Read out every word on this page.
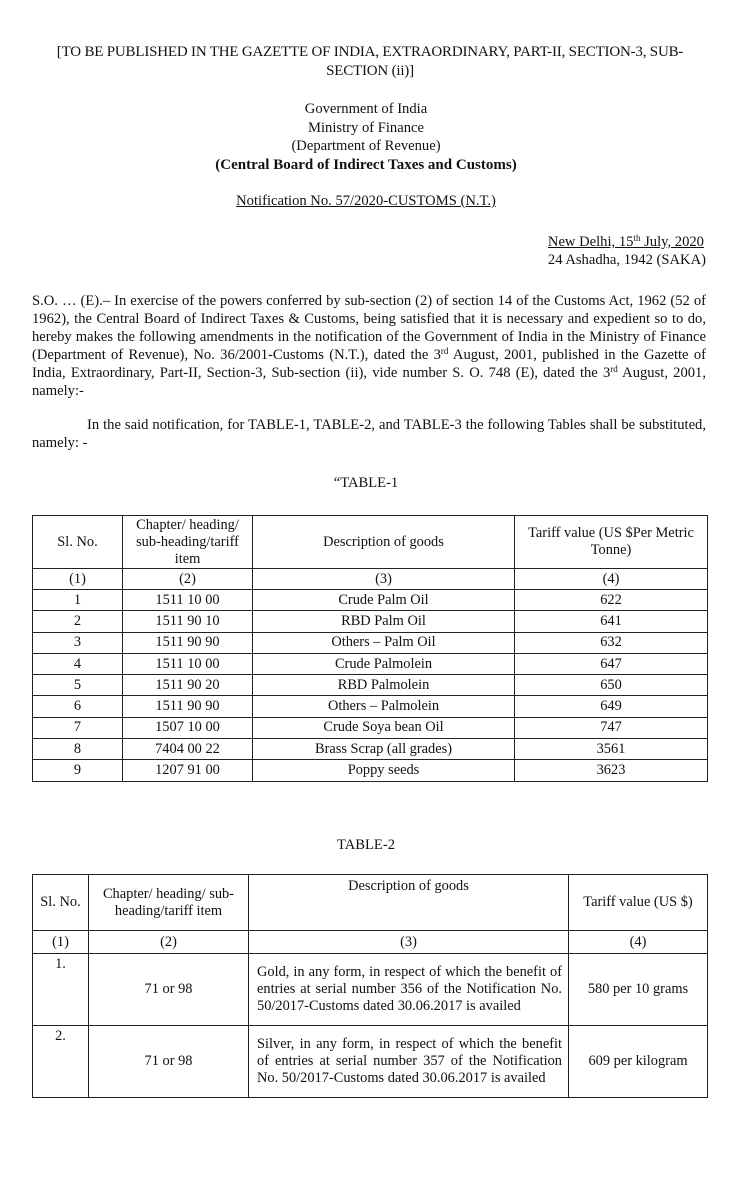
[TO BE PUBLISHED IN THE GAZETTE OF INDIA, EXTRAORDINARY, PART-II, SECTION-3, SUB-SECTION (ii)]
Government of India
Ministry of Finance
(Department of Revenue)
(Central Board of Indirect Taxes and Customs)
Notification No. 57/2020-CUSTOMS (N.T.)
New Delhi, 15th July, 2020
24 Ashadha, 1942 (SAKA)
S.O. … (E).– In exercise of the powers conferred by sub-section (2) of section 14 of the Customs Act, 1962 (52 of 1962), the Central Board of Indirect Taxes & Customs, being satisfied that it is necessary and expedient so to do, hereby makes the following amendments in the notification of the Government of India in the Ministry of Finance (Department of Revenue), No. 36/2001-Customs (N.T.), dated the 3rd August, 2001, published in the Gazette of India, Extraordinary, Part-II, Section-3, Sub-section (ii), vide number S. O. 748 (E), dated the 3rd August, 2001, namely:-
In the said notification, for TABLE-1, TABLE-2, and TABLE-3 the following Tables shall be substituted, namely: -
“TABLE-1
Sl. No.	Chapter/ heading/ sub-heading/tariff item	Description of goods	Tariff value (US $Per Metric Tonne)
(1)	(2)	(3)	(4)
1	1511 10 00	Crude Palm Oil	622
2	1511 90 10	RBD Palm Oil	641
3	1511 90 90	Others – Palm Oil	632
4	1511 10 00	Crude Palmolein	647
5	1511 90 20	RBD Palmolein	650
6	1511 90 90	Others – Palmolein	649
7	1507 10 00	Crude Soya bean Oil	747
8	7404 00 22	Brass Scrap (all grades)	3561
9	1207 91 00	Poppy seeds	3623
TABLE-2
Sl. No.	Chapter/ heading/ sub-heading/tariff item	Description of goods	Tariff value (US $)
(1)	(2)	(3)	(4)
1.	71 or 98	Gold, in any form, in respect of which the benefit of entries at serial number 356 of the Notification No. 50/2017-Customs dated 30.06.2017 is availed	580 per 10 grams
2.	71 or 98	Silver, in any form, in respect of which the benefit of entries at serial number 357 of the Notification No. 50/2017-Customs dated 30.06.2017 is availed	609 per kilogram
